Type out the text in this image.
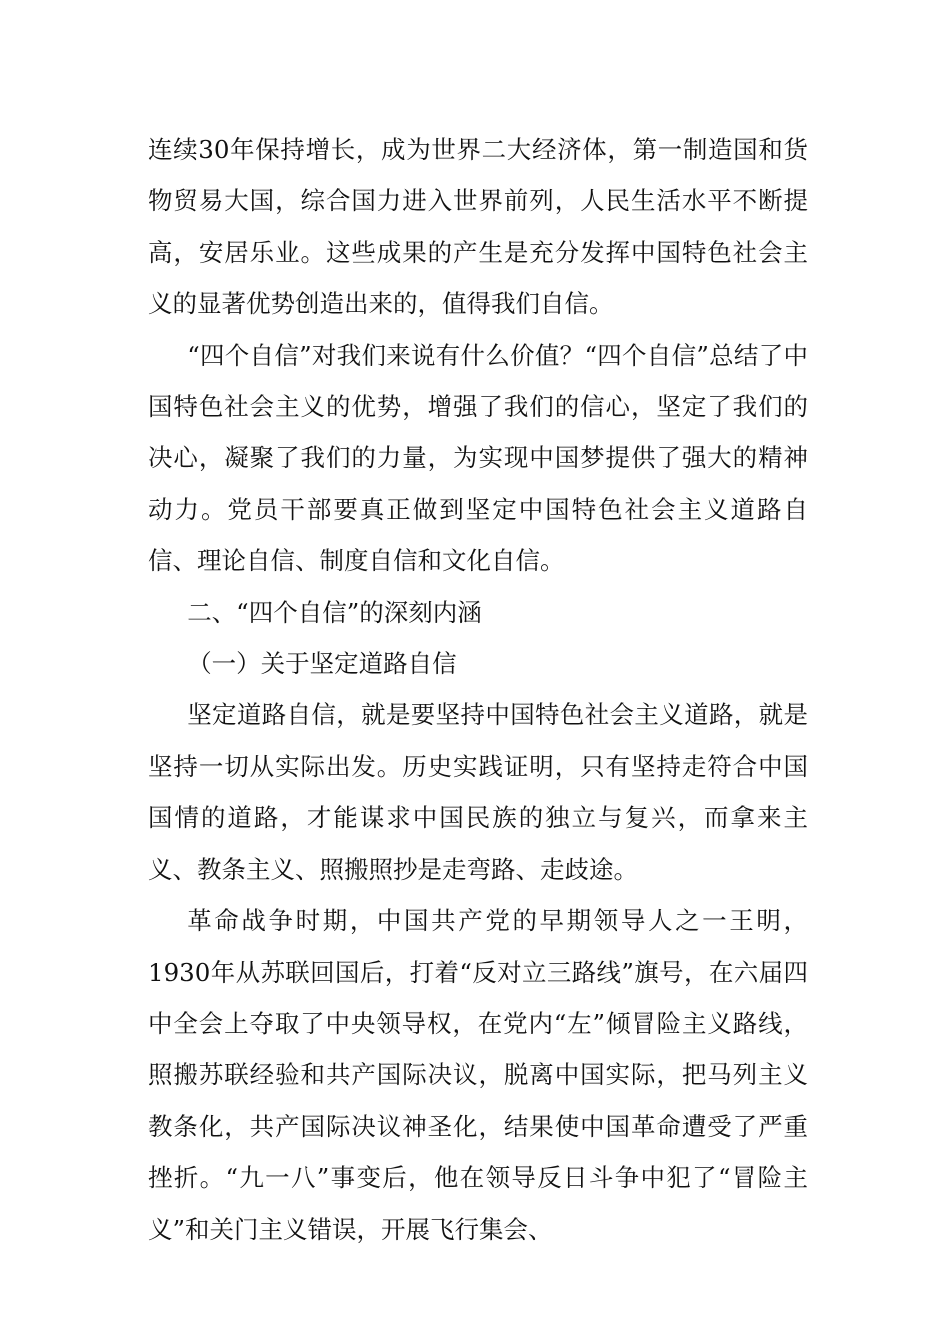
连续30年保持增长，成为世界二大经济体，第一制造国和货物贸易大国，综合国力进入世界前列，人民生活水平不断提高，安居乐业。这些成果的产生是充分发挥中国特色社会主义的显著优势创造出来的，值得我们自信。

“四个自信”对我们来说有什么价值？“四个自信”总结了中国特色社会主义的优势，增强了我们的信心，坚定了我们的决心，凝聚了我们的力量，为实现中国梦提供了强大的精神动力。党员干部要真正做到坚定中国特色社会主义道路自信、理论自信、制度自信和文化自信。

二、“四个自信”的深刻内涵

（一）关于坚定道路自信

坚定道路自信，就是要坚持中国特色社会主义道路，就是坚持一切从实际出发。历史实践证明，只有坚持走符合中国国情的道路，才能谋求中国民族的独立与复兴，而拿来主义、教条主义、照搬照抄是走弯路、走歧途。

革命战争时期，中国共产党的早期领导人之一王明，1930年从苏联回国后，打着“反对立三路线”旗号，在六届四中全会上夺取了中央领导权，在党内“左”倾冒险主义路线，照搬苏联经验和共产国际决议，脱离中国实际，把马列主义教条化，共产国际决议神圣化，结果使中国革命遭受了严重挫折。“九一八”事变后，他在领导反日斗争中犯了“冒险主义”和关门主义错误，开展飞行集会、
